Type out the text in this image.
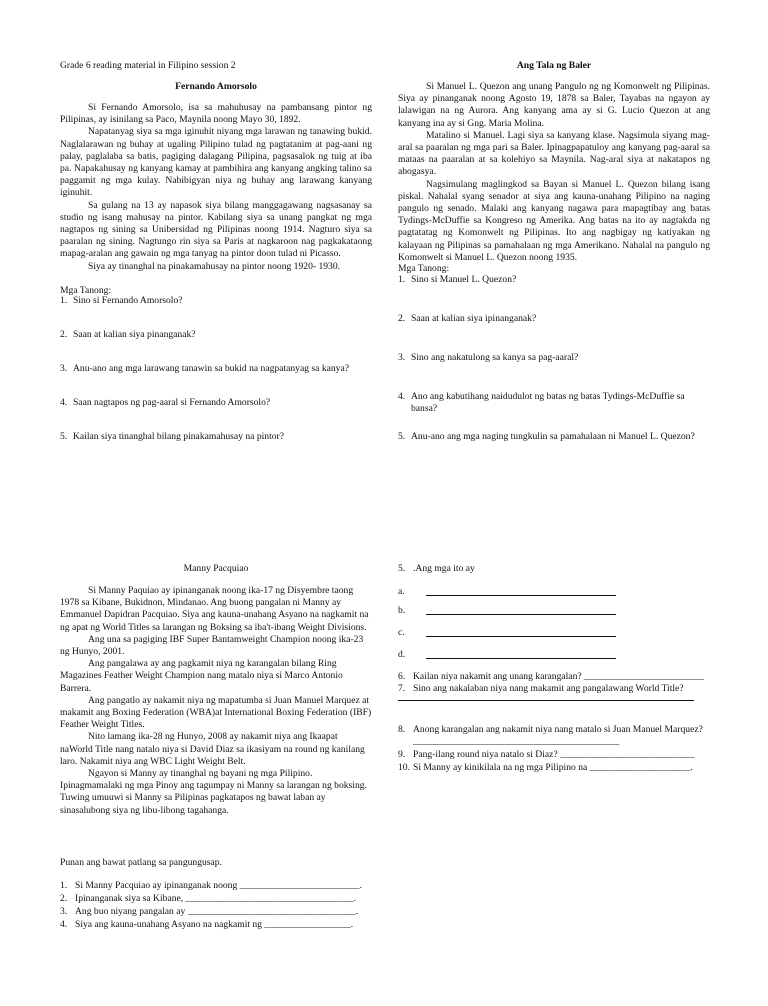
Grade 6 reading material in Filipino session 2
Fernando Amorsolo

Si Fernando Amorsolo, isa sa mahuhusay na pambansang pintor ng Pilipinas, ay isinilang sa Paco, Maynila noong Mayo 30, 1892.

Napatanyag siya sa mga iginuhit niyang mga larawan ng tanawing bukid. Naglalarawan ng buhay at ugaling Pilipino tulad ng pagtatanim at pag-aani ng palay, paglalaba sa batis, pagiging dalagang Pilipina, pagsasalok ng tuig at iba pa. Napakahusay ng kanyang kamay at pambihira ang kanyang angking talino sa paggamit ng mga kulay. Nabibigyan niya ng buhay ang larawang kanyang iginuhit.

Sa gulang na 13 ay napasok siya bilang manggagawang nagsasanay sa studio ng isang mahusay na pintor. Kabilang siya sa unang pangkat ng mga nagtapos ng sining sa Unibersidad ng Pilipinas noong 1914. Nagturo siya sa paaralan ng sining. Nagtungo rin siya sa Paris at nagkaroon nag pagkakataong mapag-aralan ang gawain ng mga tanyag na pintor doon tulad ni Picasso.

Siya ay tinanghal na pinakamahusay na pintor noong 1920- 1930.

Mga Tanong:
1. Sino si Fernando Amorsolo?
2. Saan at kalian siya pinanganak?
3. Anu-ano ang mga larawang tanawin sa bukid na nagpatanyag sa kanya?
4. Saan nagtapos ng pag-aaral si Fernando Amorsolo?
5. Kailan siya tinanghal bilang pinakamahusay na pintor?
Ang Tala ng Baler

Si Manuel L. Quezon ang unang Pangulo ng ng Komonwelt ng Pilipinas. Siya ay pinanganak noong Agosto 19, 1878 sa Baler, Tayabas na ngayon ay lalawigan na ng Aurora. Ang kanyang ama ay si G. Lucio Quezon at ang kanyang ina ay si Gng. Maria Molina.

Matalino si Manuel. Lagi siya sa kanyang klase. Nagsimula siyang mag-aral sa paaralan ng mga pari sa Baler. Ipinagpapatuloy ang kanyang pag-aaral sa mataas na paaralan at sa kolehiyo sa Maynila. Nag-aral siya at nakatapos ng abogasya.

Nagsimulang maglingkod sa Bayan si Manuel L. Quezon bilang isang piskal. Nahalal syang senador at siya ang kauna-unahang Pilipino na naging pangulo ng senado. Malaki ang kanyang nagawa para mapagtibay ang batas Tydings-McDuffie sa Kongreso ng Amerika. Ang batas na ito ay nagtakda ng pagtatatag ng Komonwelt ng Pilipinas. Ito ang nagbigay ng katiyakan ng kalayaan ng Pilipinas sa pamahalaan ng mga Amerikano. Nahalal na pangulo ng Komonwelt si Manuel L. Quezon noong 1935.

Mga Tanong:
1. Sino si Manuel L. Quezon?
2. Saan at kalian siya ipinanganak?
3. Sino ang nakatulong sa kanya sa pag-aaral?
4. Ano ang kabutihang naidudulot ng batas ng batas Tydings-McDuffie sa bansa?
5. Anu-ano ang mga naging tungkulin sa pamahalaan ni Manuel L. Quezon?
Manny Pacquiao

Si Manny Paquiao ay ipinanganak noong ika-17 ng Disyembre taong 1978 sa Kibane, Bukidnon, Mindanao. Ang buong pangalan ni Manny ay Emmanuel Dapidran Pacquiao. Siya ang kauna-unahang Asyano na nagkamit na ng apat ng World Titles sa larangan ng Boksing sa iba't-ibang Weight Divisions.

Ang una sa pagiging IBF Super Bantamweight Champion noong ika-23 ng Hunyo, 2001.

Ang pangalawa ay ang pagkamit niya ng karangalan bilang Ring Magazines Feather Weight Champion nang matalo niya si Marco Antonio Barrera.

Ang pangatlo ay nakamit niya ng mapatumba si Juan Manuel Marquez at makamit ang Boxing Federation (WBA)at International Boxing Federation (IBF) Feather Weight Titles.

Nito lamang ika-28 ng Hunyo, 2008 ay nakamit niya ang Ikaapat naWorld Title nang natalo niya si David Diaz sa ikasiyam na round ng kanilang laro. Nakamit niya ang WBC Light Weight Belt.

Ngayon si Manny ay tinanghal ng bayani ng mga Pilipino. Ipinagmamalaki ng mga Pinoy ang tagumpay ni Manny sa larangan ng boksing. Tuwing umuuwi si Manny sa Pilipinas pagkatapos ng bawat laban ay sinasalubong siya ng libu-libong tagahanga.

Punan ang bawat patlang sa pangungusap.
1. Si Manny Pacquiao ay ipinanganak noong _________________________.
2. Ipinanganak siya sa Kibane, ___________________________________.
3. Ang buo niyang pangalan ay ___________________________________.
4. Siya ang kauna-unahang Asyano na nagkamit ng __________________.
5. .Ang mga ito ay
a.
b.
c.
d.
6. Kailan niya nakamit ang unang karangalan? _________________________
7. Sino ang nakalaban niya nang makamit ang pangalawang World Title?
8. Anong karangalan ang nakamit niya nang matalo si Juan Manuel Marquez?___________________________________________
9. Pang-ilang round niya natalo si Diaz? ____________________________
10. Si Manny ay kinikilala na ng mga Pilipino na _____________________.
